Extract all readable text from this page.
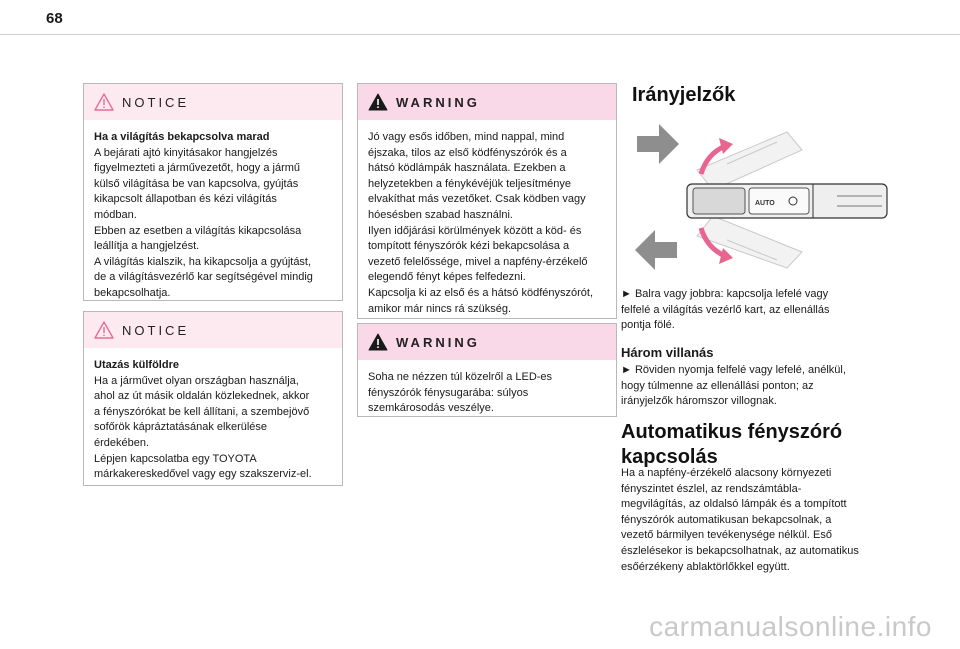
68
NOTICE

Ha a világítás bekapcsolva marad

A bejárati ajtó kinyitásakor hangjelzés

figyelmezteti a járművezetőt, hogy a jármű

külső világítása be van kapcsolva, gyújtás

kikapcsolt állapotban és kézi világítás

módban.

Ebben az esetben a világítás kikapcsolása

leállítja a hangjelzést.

A világítás kialszik, ha kikapcsolja a gyújtást,

de a világításvezérlő kar segítségével mindig

bekapcsolhatja.

NOTICE

Utazás külföldre

Ha a járművet olyan országban használja,

ahol az út másik oldalán közlekednek, akkor

a fényszórókat be kell állítani, a szembejövő

sofőrök kápráztatásának elkerülése

érdekében.

Lépjen kapcsolatba egy TOYOTA

márkakereskedővel vagy egy szakszerviz-el.

WARNING

Jó vagy esős időben, mind nappal, mind

éjszaka, tilos az első ködfényszórók és a

hátsó ködlámpák használata. Ezekben a

helyzetekben a fénykévéjük teljesítménye

elvakíthat más vezetőket. Csak ködben vagy

hóesésben szabad használni.

Ilyen időjárási körülmények között a köd- és

tompított fényszórók kézi bekapcsolása a

vezető felelőssége, mivel a napfény-érzékelő

elegendő fényt képes felfedezni.

Kapcsolja ki az első és a hátsó ködfényszórót,

amikor már nincs rá szükség.

WARNING

Soha ne nézzen túl közelről a LED-es

fényszórók fénysugarába: súlyos

szemkárosodás veszélye.

Irányjelzők
AUTO

► Balra vagy jobbra: kapcsolja lefelé vagy

felfelé a világítás vezérlő kart, az ellenállás

pontja fölé.

Három villanás

► Röviden nyomja felfelé vagy lefelé, anélkül,

hogy túlmenne az ellenállási ponton; az

irányjelzők háromszor villognak.

Automatikus fényszóró
kapcsolás

Ha a napfény-érzékelő alacsony környezeti

fényszintet észlel, az rendszámtábla-

megvilágítás, az oldalsó lámpák és a tompított

fényszórók automatikusan bekapcsolnak, a

vezető bármilyen tevékenysége nélkül. Eső

észlelésekor is bekapcsolhatnak, az automatikus

esőérzékeny ablaktörlőkkel együtt.

carmanualsonline.info
